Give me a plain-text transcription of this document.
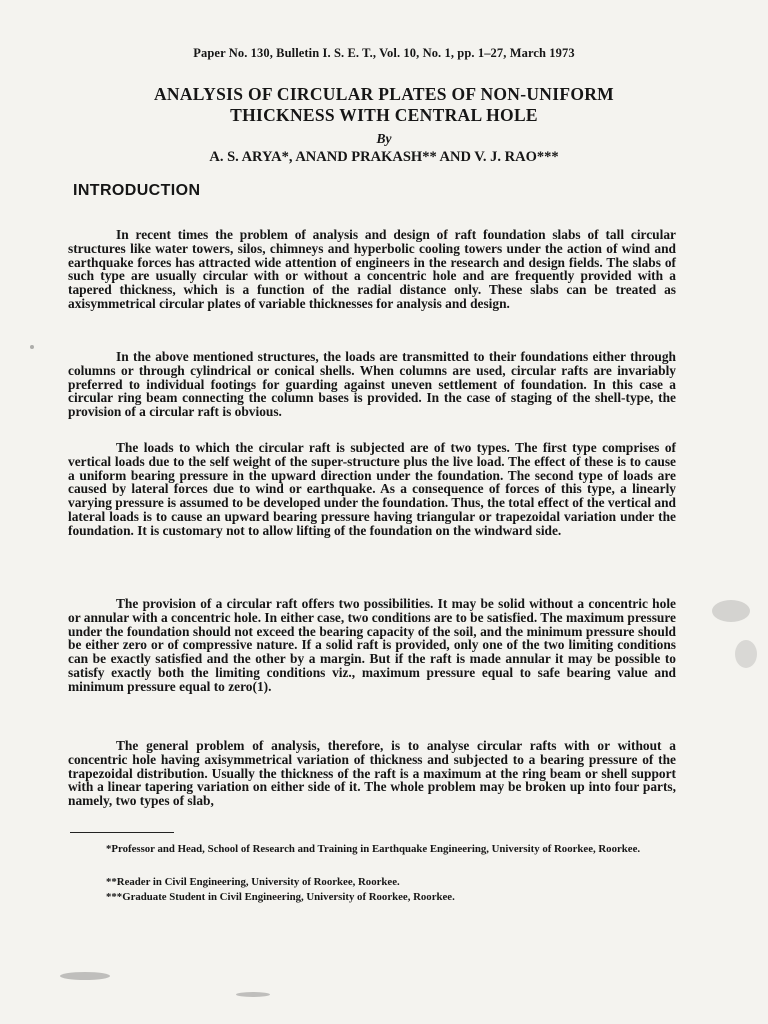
Paper No. 130, Bulletin I. S. E. T., Vol. 10, No. 1, pp. 1–27, March 1973
ANALYSIS OF CIRCULAR PLATES OF NON-UNIFORM
THICKNESS WITH CENTRAL HOLE
By
A. S. ARYA*, ANAND PRAKASH** AND V. J. RAO***
INTRODUCTION

In recent times the problem of analysis and design of raft foundation slabs of tall circular structures like water towers, silos, chimneys and hyperbolic cooling towers under the action of wind and earthquake forces has attracted wide attention of engineers in the research and design fields. The slabs of such type are usually circular with or without a concentric hole and are frequently provided with a tapered thickness, which is a function of the radial distance only. These slabs can be treated as axisymmetrical circular plates of variable thicknesses for analysis and design.

In the above mentioned structures, the loads are transmitted to their foundations either through columns or through cylindrical or conical shells. When columns are used, circular rafts are invariably preferred to individual footings for guarding against uneven settlement of foundation. In this case a circular ring beam connecting the column bases is provided. In the case of staging of the shell-type, the provision of a circular raft is obvious.

The loads to which the circular raft is subjected are of two types. The first type comprises of vertical loads due to the self weight of the super-structure plus the live load. The effect of these is to cause a uniform bearing pressure in the upward direction under the foundation. The second type of loads are caused by lateral forces due to wind or earthquake. As a consequence of forces of this type, a linearly varying pressure is assumed to be developed under the foundation. Thus, the total effect of the vertical and lateral loads is to cause an upward bearing pressure having triangular or trapezoidal variation under the foundation. It is customary not to allow lifting of the foundation on the windward side.

The provision of a circular raft offers two possibilities. It may be solid without a concentric hole or annular with a concentric hole. In either case, two conditions are to be satisfied. The maximum pressure under the foundation should not exceed the bearing capacity of the soil, and the minimum pressure should be either zero or of compressive nature. If a solid raft is provided, only one of the two limiting conditions can be exactly satisfied and the other by a margin. But if the raft is made annular it may be possible to satisfy exactly both the limiting conditions viz., maximum pressure equal to safe bearing value and minimum pressure equal to zero(1).

The general problem of analysis, therefore, is to analyse circular rafts with or without a concentric hole having axisymmetrical variation of thickness and subjected to a bearing pressure of the trapezoidal distribution. Usually the thickness of the raft is a maximum at the ring beam or shell support with a linear tapering variation on either side of it. The whole problem may be broken up into four parts, namely, two types of slab,

*Professor and Head, School of Research and Training in Earthquake Engineering, University of Roorkee, Roorkee.

**Reader in Civil Engineering, University of Roorkee, Roorkee.

***Graduate Student in Civil Engineering, University of Roorkee, Roorkee.
